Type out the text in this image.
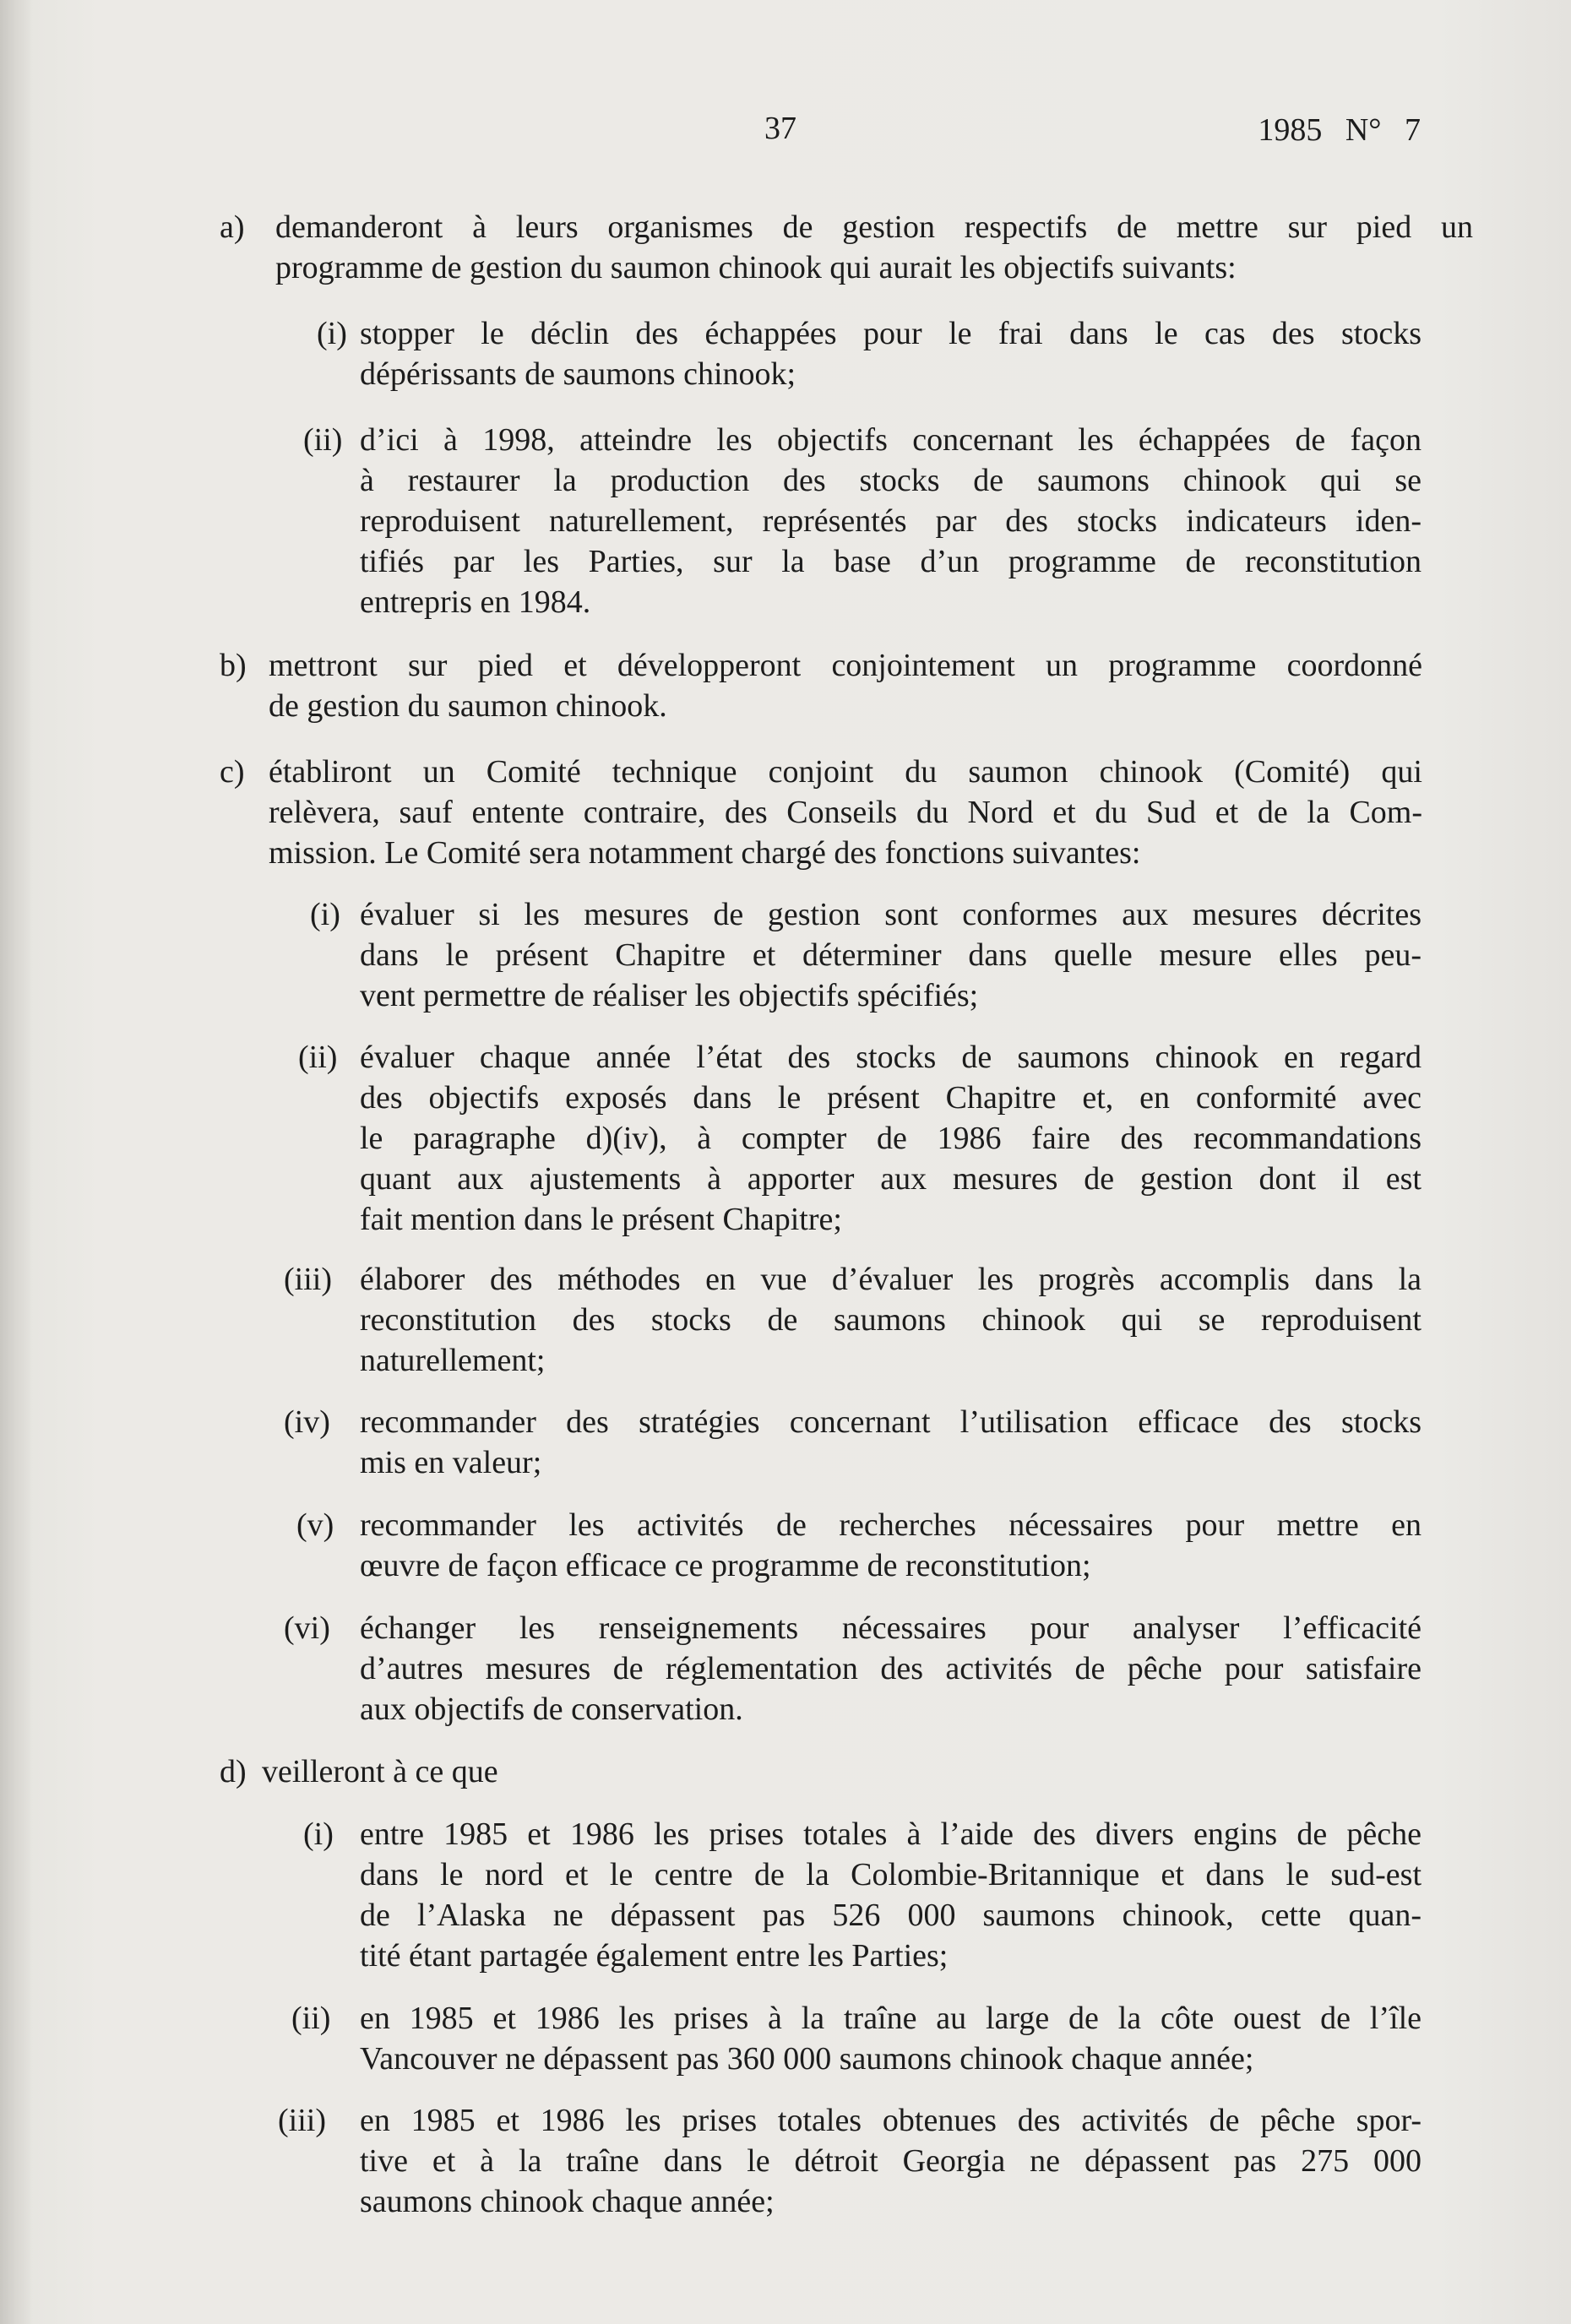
37	1985 N° 7
a) demanderont à leurs organismes de gestion respectifs de mettre sur pied un
programme de gestion du saumon chinook qui aurait les objectifs suivants:
(i) stopper le déclin des échappées pour le frai dans le cas des stocks
dépérissants de saumons chinook;
(ii) d’ici à 1998, atteindre les objectifs concernant les échappées de façon
à restaurer la production des stocks de saumons chinook qui se
reproduisent naturellement, représentés par des stocks indicateurs iden-
tifiés par les Parties, sur la base d’un programme de reconstitution
entrepris en 1984.
b) mettront sur pied et développeront conjointement un programme coordonné
de gestion du saumon chinook.
c) établiront un Comité technique conjoint du saumon chinook (Comité) qui
relèvera, sauf entente contraire, des Conseils du Nord et du Sud et de la Com-
mission. Le Comité sera notamment chargé des fonctions suivantes:
(i) évaluer si les mesures de gestion sont conformes aux mesures décrites
dans le présent Chapitre et déterminer dans quelle mesure elles peu-
vent permettre de réaliser les objectifs spécifiés;
(ii) évaluer chaque année l’état des stocks de saumons chinook en regard
des objectifs exposés dans le présent Chapitre et, en conformité avec
le paragraphe d)(iv), à compter de 1986 faire des recommandations
quant aux ajustements à apporter aux mesures de gestion dont il est
fait mention dans le présent Chapitre;
(iii) élaborer des méthodes en vue d’évaluer les progrès accomplis dans la
reconstitution des stocks de saumons chinook qui se reproduisent
naturellement;
(iv) recommander des stratégies concernant l’utilisation efficace des stocks
mis en valeur;
(v) recommander les activités de recherches nécessaires pour mettre en
œuvre de façon efficace ce programme de reconstitution;
(vi) échanger les renseignements nécessaires pour analyser l’efficacité
d’autres mesures de réglementation des activités de pêche pour satisfaire
aux objectifs de conservation.
d) veilleront à ce que
(i) entre 1985 et 1986 les prises totales à l’aide des divers engins de pêche
dans le nord et le centre de la Colombie-Britannique et dans le sud-est
de l’Alaska ne dépassent pas 526 000 saumons chinook, cette quan-
tité étant partagée également entre les Parties;
(ii) en 1985 et 1986 les prises à la traîne au large de la côte ouest de l’île
Vancouver ne dépassent pas 360 000 saumons chinook chaque année;
(iii) en 1985 et 1986 les prises totales obtenues des activités de pêche spor-
tive et à la traîne dans le détroit Georgia ne dépassent pas 275 000
saumons chinook chaque année;
